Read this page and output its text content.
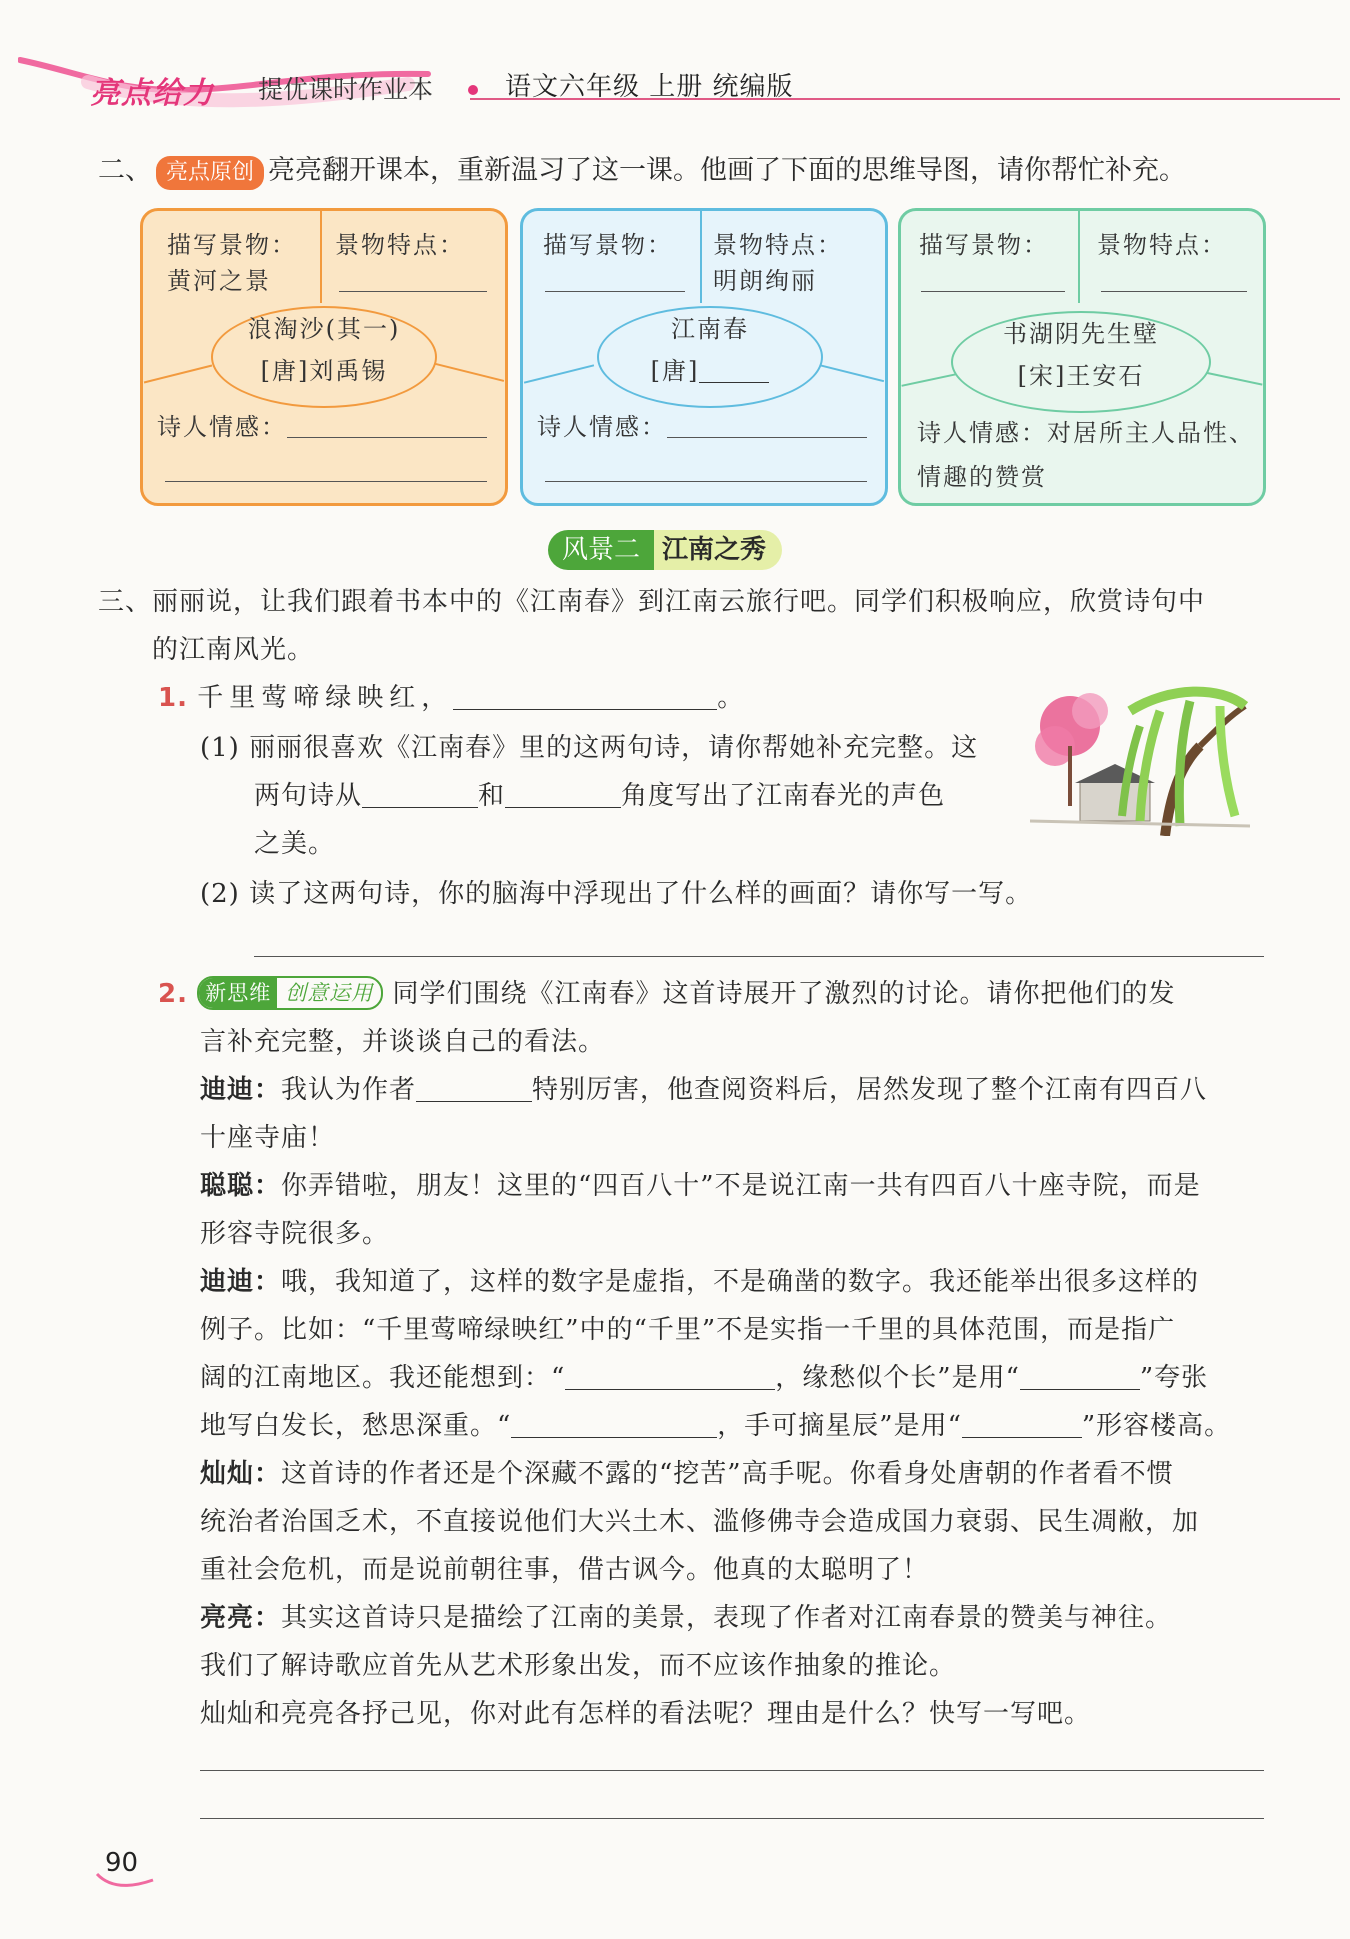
亮点给力 提优课时作业本	语文六年级 上册 统编版
二、 亮点原创 亮亮翻开课本，重新温习了这一课。他画了下面的思维导图，请你帮忙补充。
描写景物：
黄河之景
景物特点：
浪淘沙(其一)
[唐]刘禹锡
诗人情感：
描写景物： 景物特点：
明朗绚丽
江南春
[唐]
诗人情感：
描写景物： 景物特点：
书湖阴先生壁
[宋]王安石
诗人情感：对居所主人品性、
情趣的赞赏
风景二 江南之秀
三、丽丽说，让我们跟着书本中的《江南春》到江南云旅行吧。同学们积极响应，欣赏诗句中
的江南风光。
1. 千里莺啼绿映红，	。
(1) 丽丽很喜欢《江南春》里的这两句诗，请你帮她补充完整。这
两句诗从	和	角度写出了江南春光的声色
之美。
(2) 读了这两句诗，你的脑海中浮现出了什么样的画面？请你写一写。
2. 新思维 创意运用 同学们围绕《江南春》这首诗展开了激烈的讨论。请你把他们的发
言补充完整，并谈谈自己的看法。
迪迪：我认为作者	特别厉害，他查阅资料后，居然发现了整个江南有四百八
十座寺庙！
聪聪：你弄错啦，朋友！这里的“四百八十”不是说江南一共有四百八十座寺院，而是
形容寺院很多。
迪迪：哦，我知道了，这样的数字是虚指，不是确凿的数字。我还能举出很多这样的
例子。比如：“千里莺啼绿映红”中的“千里”不是实指一千里的具体范围，而是指广
阔的江南地区。我还能想到：“	，缘愁似个长”是用“	”夸张
地写白发长，愁思深重。“	，手可摘星辰”是用“	”形容楼高。
灿灿：这首诗的作者还是个深藏不露的“挖苦”高手呢。你看身处唐朝的作者看不惯
统治者治国乏术，不直接说他们大兴土木、滥修佛寺会造成国力衰弱、民生凋敝，加
重社会危机，而是说前朝往事，借古讽今。他真的太聪明了！
亮亮：其实这首诗只是描绘了江南的美景，表现了作者对江南春景的赞美与神往。
我们了解诗歌应首先从艺术形象出发，而不应该作抽象的推论。
灿灿和亮亮各抒己见，你对此有怎样的看法呢？理由是什么？快写一写吧。
90
